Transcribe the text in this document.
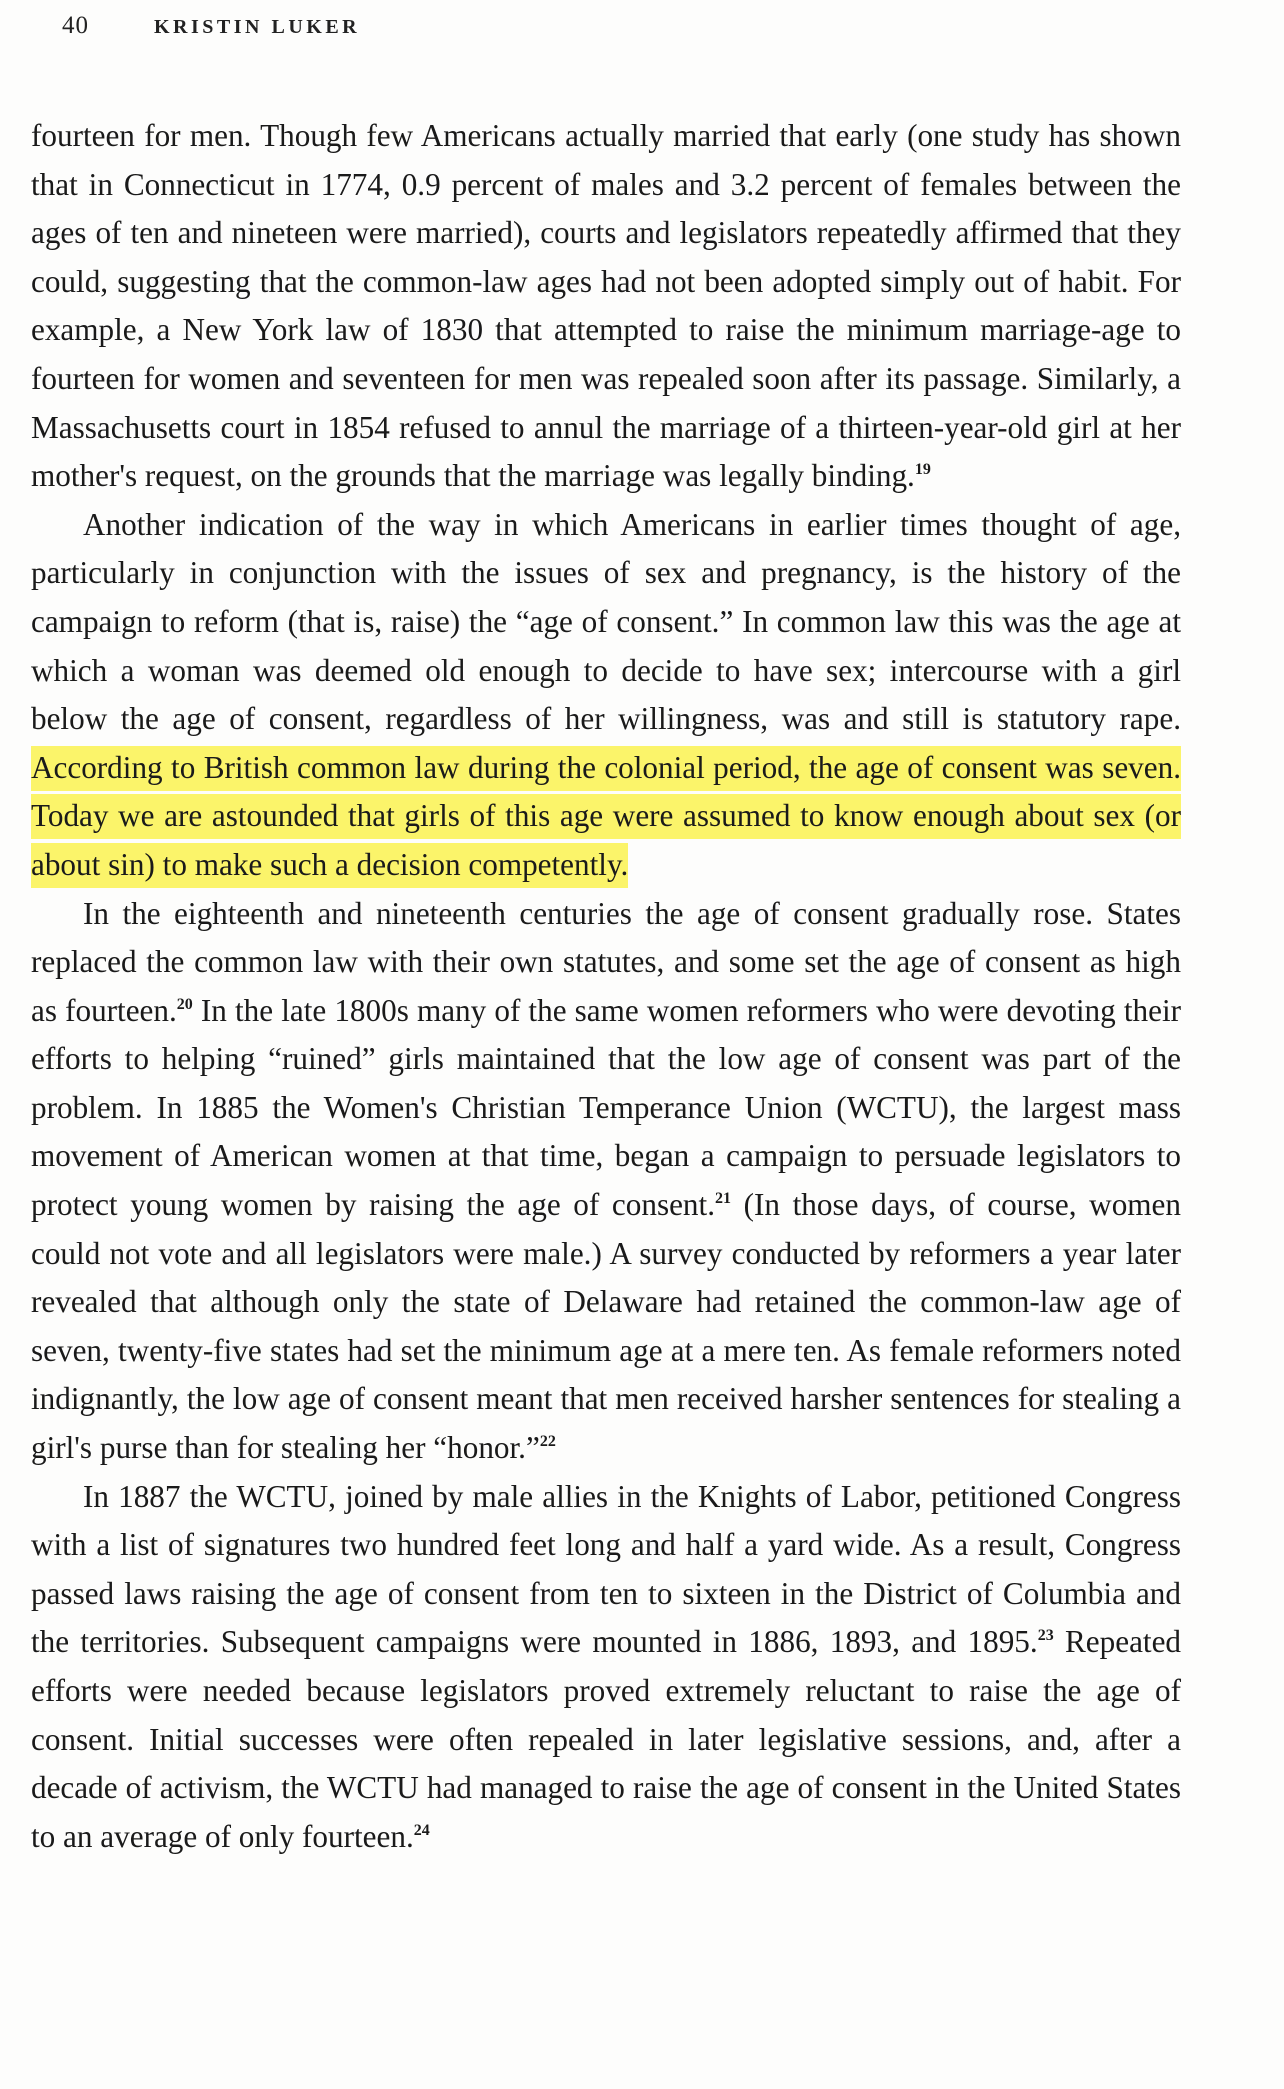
40	KRISTIN LUKER

fourteen for men. Though few Americans actually married that early (one study has shown that in Connecticut in 1774, 0.9 percent of males and 3.2 percent of females between the ages of ten and nineteen were married), courts and legislators repeatedly affirmed that they could, suggesting that the common-law ages had not been adopted simply out of habit. For example, a New York law of 1830 that attempted to raise the minimum marriage-age to fourteen for women and seventeen for men was repealed soon after its passage. Similarly, a Massachusetts court in 1854 refused to annul the marriage of a thirteen-year-old girl at her mother's request, on the grounds that the marriage was legally binding.$^{19}$

Another indication of the way in which Americans in earlier times thought of age, particularly in conjunction with the issues of sex and pregnancy, is the history of the campaign to reform (that is, raise) the “age of consent.” In common law this was the age at which a woman was deemed old enough to decide to have sex; intercourse with a girl below the age of consent, regardless of her willingness, was and still is statutory rape. According to British common law during the colonial period, the age of consent was seven. Today we are astounded that girls of this age were assumed to know enough about sex (or about sin) to make such a decision competently.

In the eighteenth and nineteenth centuries the age of consent gradually rose. States replaced the common law with their own statutes, and some set the age of consent as high as fourteen.$^{20}$ In the late 1800s many of the same women reformers who were devoting their efforts to helping “ruined” girls maintained that the low age of consent was part of the problem. In 1885 the Women's Christian Temperance Union (WCTU), the largest mass movement of American women at that time, began a campaign to persuade legislators to protect young women by raising the age of consent.$^{21}$ (In those days, of course, women could not vote and all legislators were male.) A survey conducted by reformers a year later revealed that although only the state of Delaware had retained the common-law age of seven, twenty-five states had set the minimum age at a mere ten. As female reformers noted indignantly, the low age of consent meant that men received harsher sentences for stealing a girl's purse than for stealing her “honor.”$^{22}$

In 1887 the WCTU, joined by male allies in the Knights of Labor, petitioned Congress with a list of signatures two hundred feet long and half a yard wide. As a result, Congress passed laws raising the age of consent from ten to sixteen in the District of Columbia and the territories. Subsequent campaigns were mounted in 1886, 1893, and 1895.23 Repeated efforts were needed because legislators proved extremely reluctant to raise the age of consent. Initial successes were often repealed in later legislative sessions, and, after a decade of activism, the WCTU had managed to raise the age of consent in the United States to an average of only fourteen.$^{24}$
